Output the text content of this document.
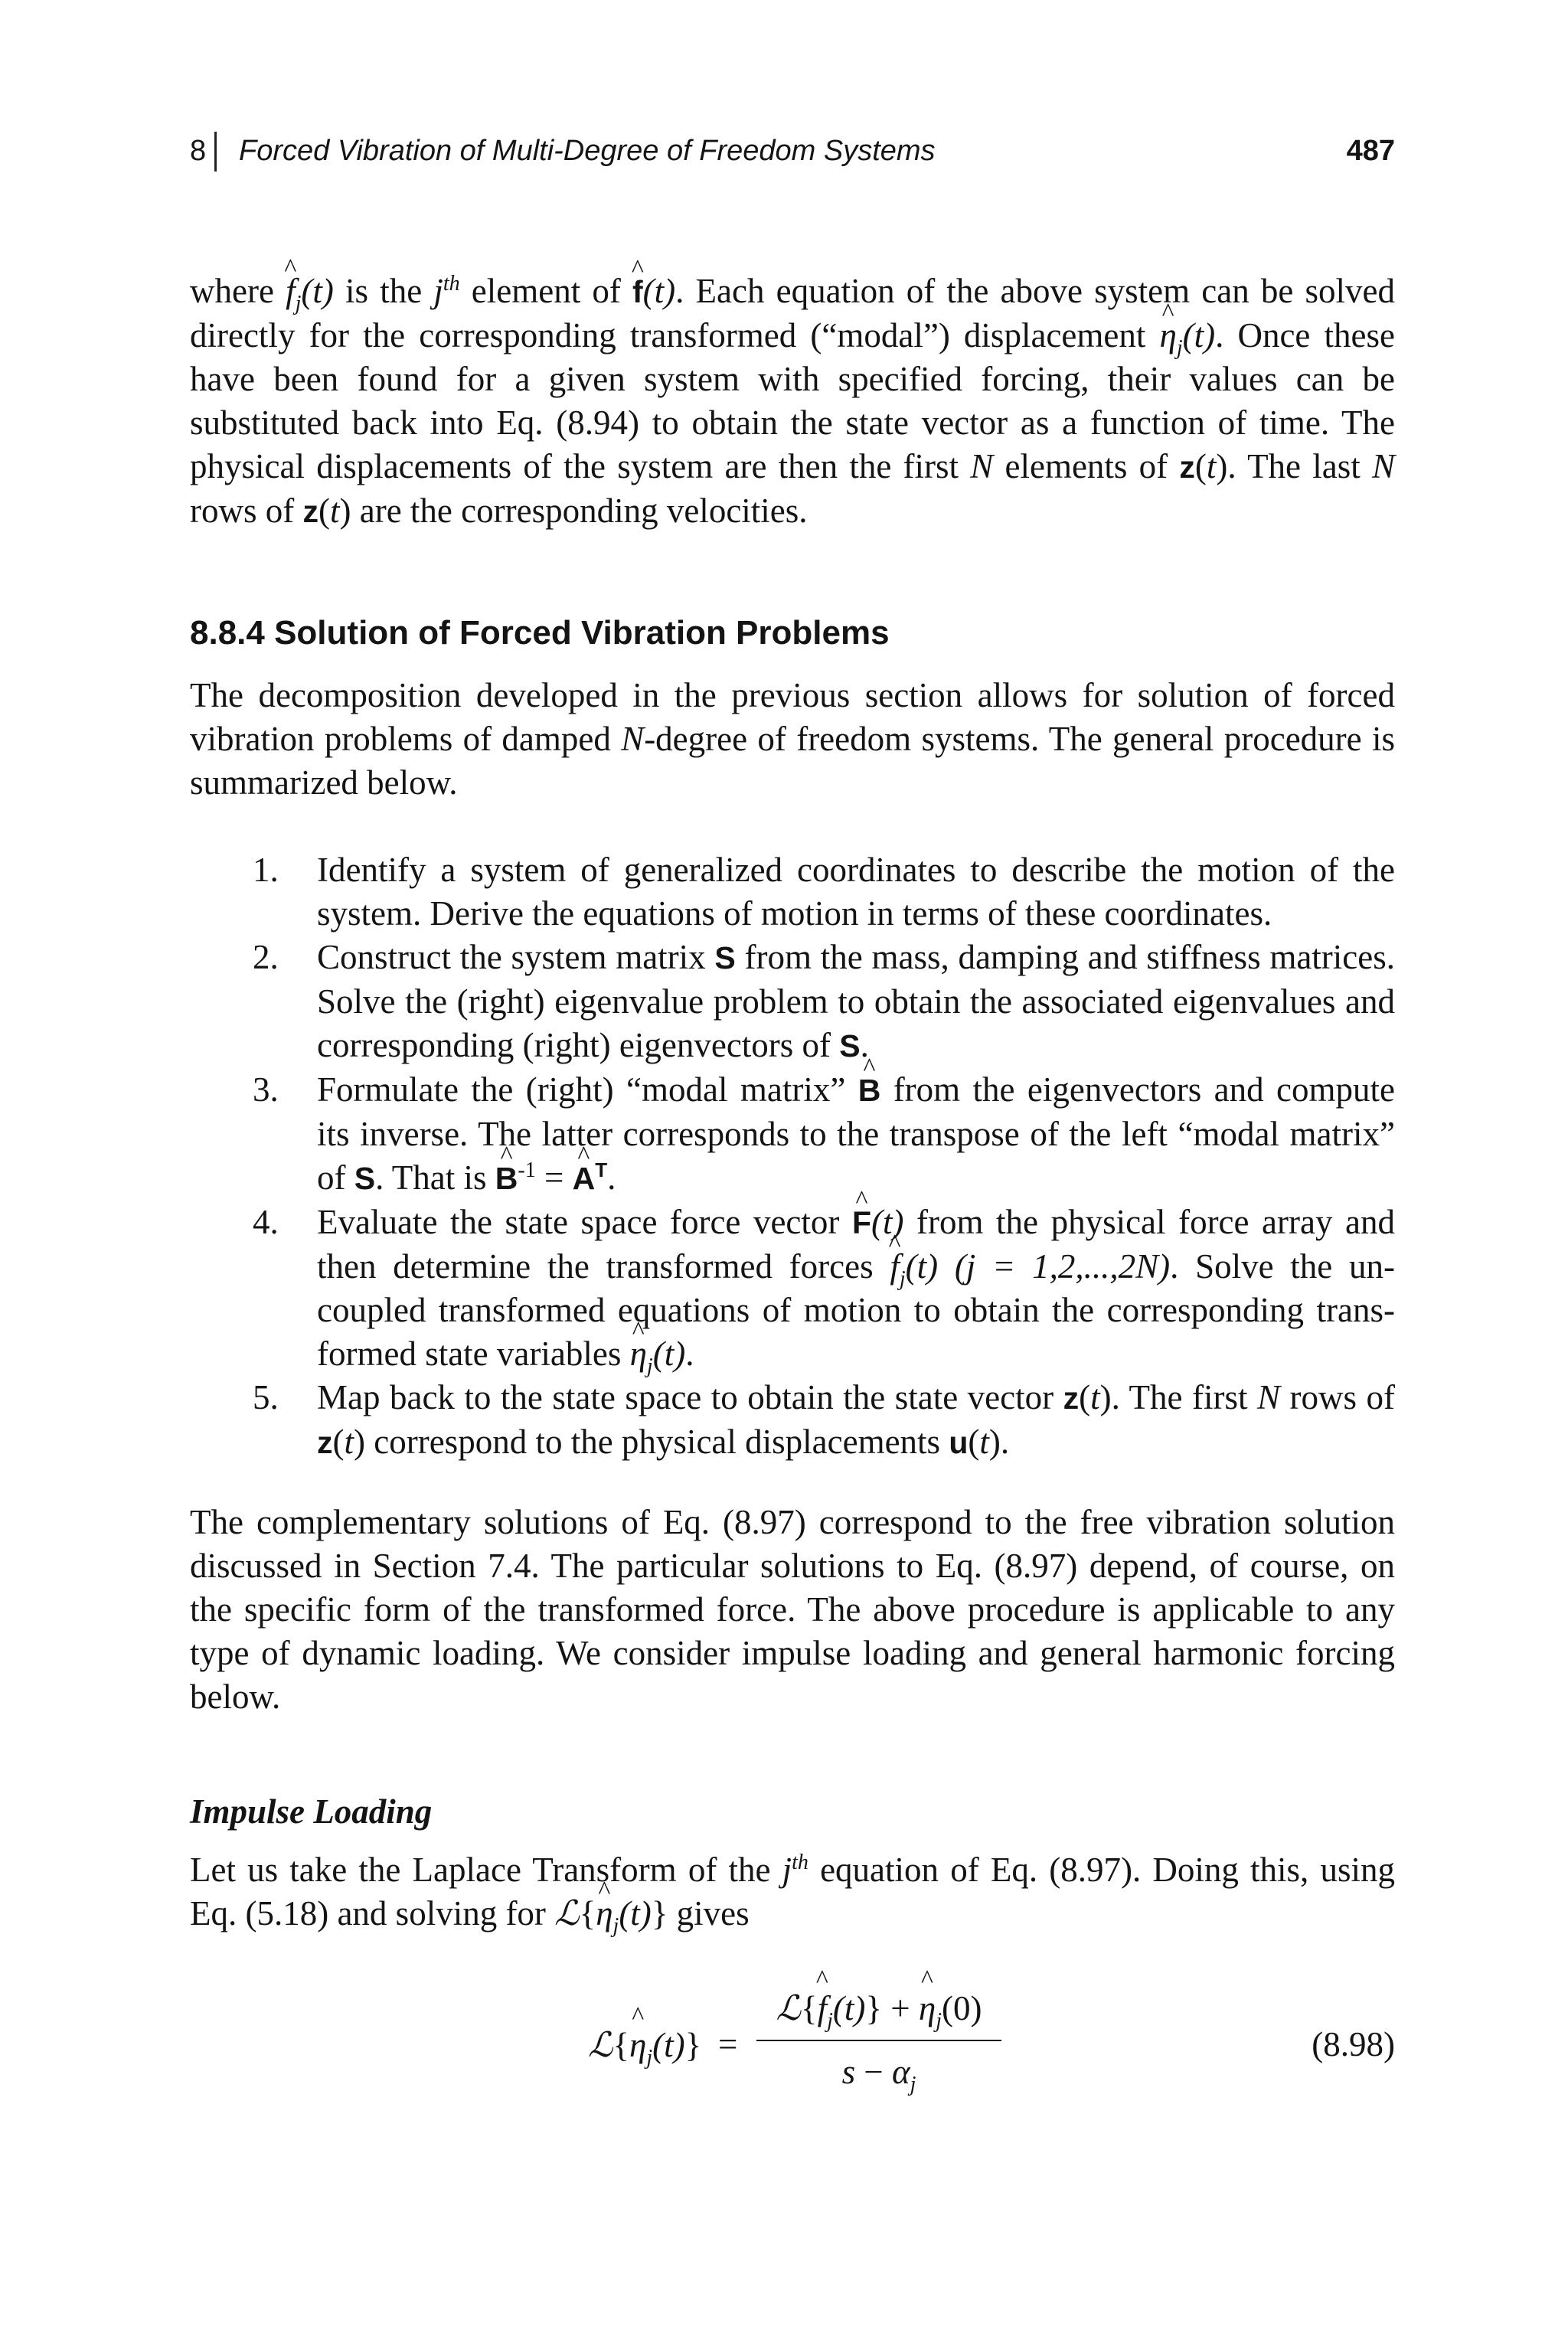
8 Forced Vibration of Multi-Degree of Freedom Systems	487

where ^ $f_j(t)$ is the $j^{th}$ element of ^ f(t). Each equation of the above system can be solved directly for the corresponding transformed (“modal”) displacement ^ $\eta_j(t)$. Once these have been found for a given system with specified forcing, their values can be substituted back into Eq. (8.94) to obtain the state vector as a function of time. The physical displacements of the system are then the first N elements of z(t). The last N rows of z(t) are the corresponding velocities.

8.8.4 Solution of Forced Vibration Problems

The decomposition developed in the previous section allows for solution of forced vibration problems of damped N-degree of freedom systems. The general procedure is summarized below.

1. Identify a system of generalized coordinates to describe the motion of the system. Derive the equations of motion in terms of these coordinates.
2. Construct the system matrix S from the mass, damping and stiffness matrices. Solve the (right) eigenvalue problem to obtain the associated eigenvalues and corresponding (right) eigenvectors of S.
3. Formulate the (right) “modal matrix” ^ B from the eigenvectors and compute its inverse. The latter corresponds to the transpose of the left “modal matrix” of S. That is ^ $B^{-1}$ = ^ $A^T$.
4. Evaluate the state space force vector ^ F(t) from the physical force array and then determine the transformed forces ^ $f_j(t) (j = 1,2,...,2N)$. Solve the uncoupled transformed equations of motion to obtain the corresponding transformed state variables ^ $\eta_j(t)$.
5. Map back to the state space to obtain the state vector z(t). The first N rows of z(t) correspond to the physical displacements u(t).

The complementary solutions of Eq. (8.97) correspond to the free vibration solution discussed in Section 7.4. The particular solutions to Eq. (8.97) depend, of course, on the specific form of the transformed force. The above procedure is applicable to any type of dynamic loading. We consider impulse loading and general harmonic forcing below.

Impulse Loading

Let us take the Laplace Transform of the $j^{th}$ equation of Eq. (8.97). Doing this, using Eq. (5.18) and solving for ℒ{^ $\eta_j(t)$} gives

ℒ{^ $\eta_j(t)$} =
ℒ{^ $f_j(t)$} + ^ $\eta_j(0)$
$s - \alpha_j$
(8.98)
